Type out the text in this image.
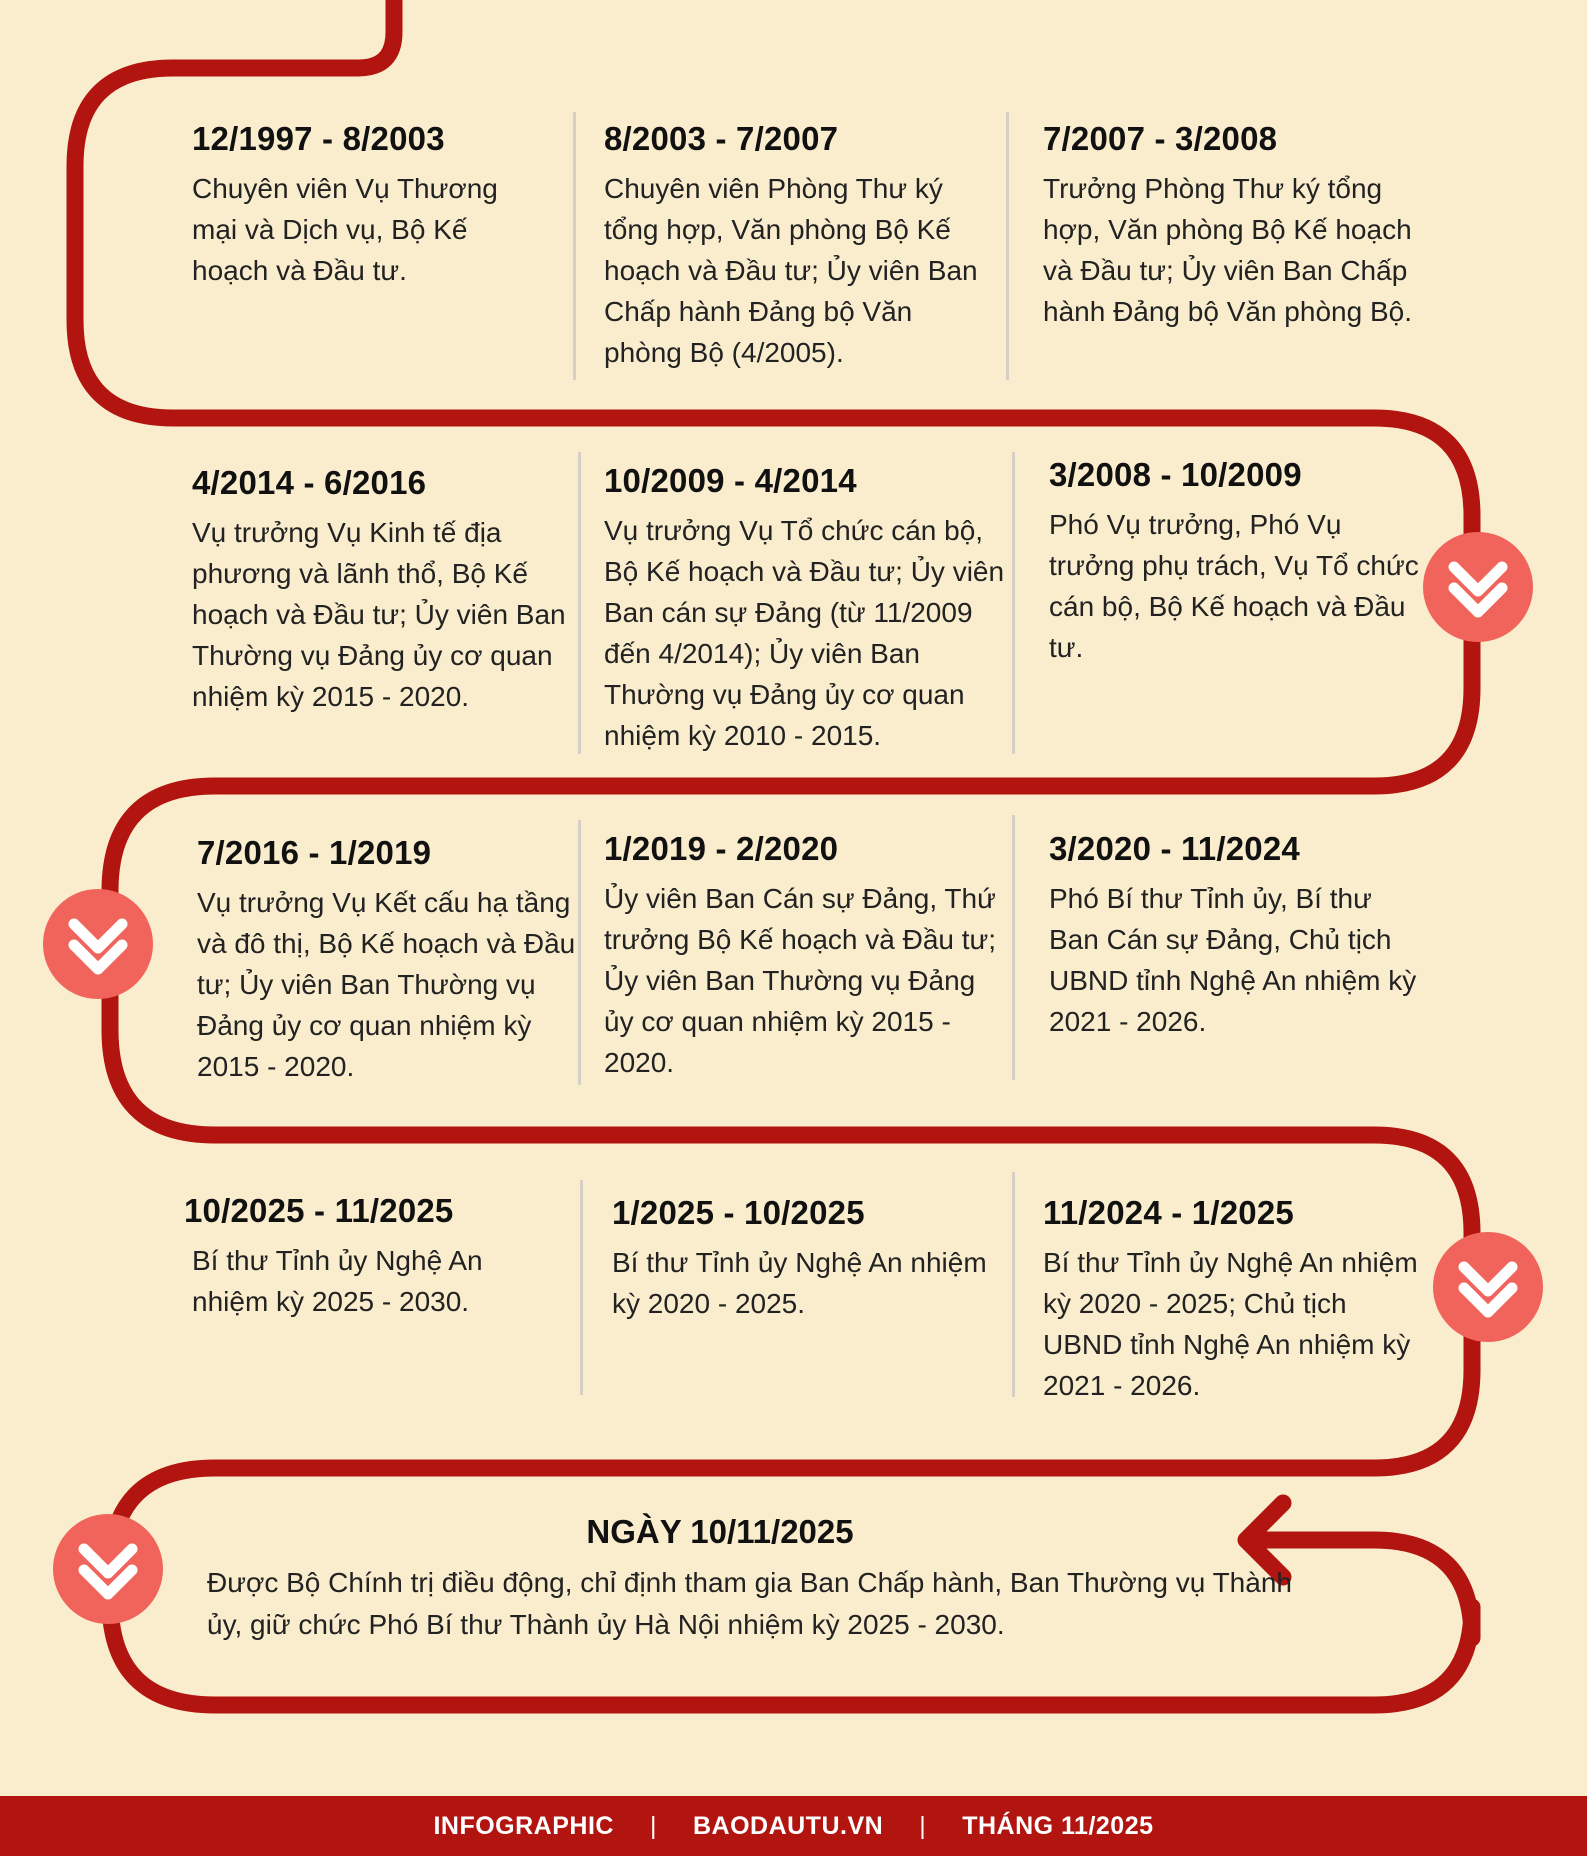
12/1997 - 8/2003
Chuyên viên Vụ Thương mại và Dịch vụ, Bộ Kế hoạch và Đầu tư.
8/2003 - 7/2007
Chuyên viên Phòng Thư ký tổng hợp, Văn phòng Bộ Kế hoạch và Đầu tư; Ủy viên Ban Chấp hành Đảng bộ Văn phòng Bộ (4/2005).
7/2007 - 3/2008
Trưởng Phòng Thư ký tổng hợp, Văn phòng Bộ Kế hoạch và Đầu tư; Ủy viên Ban Chấp hành Đảng bộ Văn phòng Bộ.
4/2014 - 6/2016
Vụ trưởng Vụ Kinh tế địa phương và lãnh thổ, Bộ Kế hoạch và Đầu tư; Ủy viên Ban Thường vụ Đảng ủy cơ quan nhiệm kỳ 2015 - 2020.
10/2009 - 4/2014
Vụ trưởng Vụ Tổ chức cán bộ, Bộ Kế hoạch và Đầu tư; Ủy viên Ban cán sự Đảng (từ 11/2009 đến 4/2014); Ủy viên Ban Thường vụ Đảng ủy cơ quan nhiệm kỳ 2010 - 2015.
3/2008 - 10/2009
Phó Vụ trưởng, Phó Vụ trưởng phụ trách, Vụ Tổ chức cán bộ, Bộ Kế hoạch và Đầu tư.
7/2016 - 1/2019
Vụ trưởng Vụ Kết cấu hạ tầng và đô thị, Bộ Kế hoạch và Đầu tư; Ủy viên Ban Thường vụ Đảng ủy cơ quan nhiệm kỳ 2015 - 2020.
1/2019 - 2/2020
Ủy viên Ban Cán sự Đảng, Thứ trưởng Bộ Kế hoạch và Đầu tư; Ủy viên Ban Thường vụ Đảng ủy cơ quan nhiệm kỳ 2015 - 2020.
3/2020 - 11/2024
Phó Bí thư Tỉnh ủy, Bí thư Ban Cán sự Đảng, Chủ tịch UBND tỉnh Nghệ An nhiệm kỳ 2021 - 2026.
10/2025 - 11/2025
Bí thư Tỉnh ủy Nghệ An nhiệm kỳ 2025 - 2030.
1/2025 - 10/2025
Bí thư Tỉnh ủy Nghệ An nhiệm kỳ 2020 - 2025.
11/2024 - 1/2025
Bí thư Tỉnh ủy Nghệ An nhiệm kỳ 2020 - 2025; Chủ tịch UBND tỉnh Nghệ An nhiệm kỳ 2021 - 2026.
NGÀY 10/11/2025
Được Bộ Chính trị điều động, chỉ định tham gia Ban Chấp hành, Ban Thường vụ Thành ủy, giữ chức Phó Bí thư Thành ủy Hà Nội nhiệm kỳ 2025 - 2030.
INFOGRAPHIC | BAODAUTU.VN | THÁNG 11/2025
